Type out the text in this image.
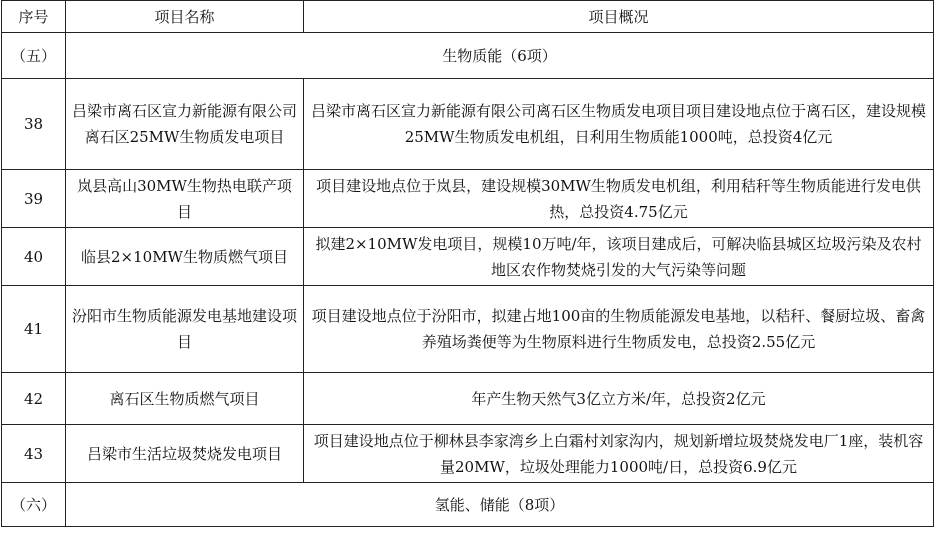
序号	项目名称	项目概况
（五）	生物质能（6项）	
38	吕梁市离石区宣力新能源有限公司离石区25MW生物质发电项目	吕梁市离石区宣力新能源有限公司离石区生物质发电项目项目建设地点位于离石区，建设规模25MW生物质发电机组，日利用生物质能1000吨，总投资4亿元
39	岚县高山30MW生物热电联产项目	项目建设地点位于岚县，建设规模30MW生物质发电机组，利用秸秆等生物质能进行发电供热，总投资4.75亿元
40	临县2×10MW生物质燃气项目	拟建2×10MW发电项目，规模10万吨/年，该项目建成后，可解决临县城区垃圾污染及农村地区农作物焚烧引发的大气污染等问题
41	汾阳市生物质能源发电基地建设项目	项目建设地点位于汾阳市，拟建占地100亩的生物质能源发电基地，以秸秆、餐厨垃圾、畜禽养殖场粪便等为生物原料进行生物质发电，总投资2.55亿元
42	离石区生物质燃气项目	年产生物天然气3亿立方米/年，总投资2亿元
43	吕梁市生活垃圾焚烧发电项目	项目建设地点位于柳林县李家湾乡上白霜村刘家沟内，规划新增垃圾焚烧发电厂1座，装机容量20MW，垃圾处理能力1000吨/日，总投资6.9亿元
（六）	氢能、储能（8项）	
